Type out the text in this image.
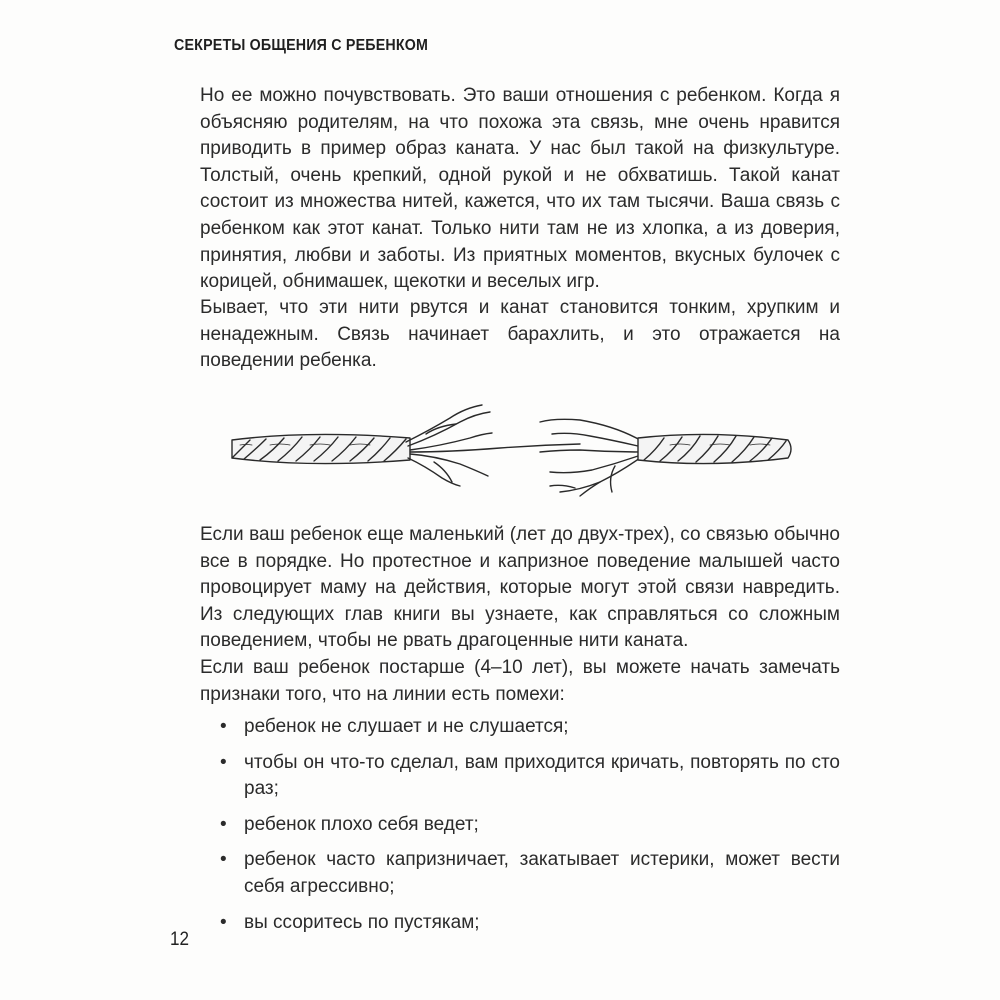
СЕКРЕТЫ ОБЩЕНИЯ С РЕБЕНКОМ

Но ее можно почувствовать. Это ваши отношения с ребенком. Когда я объясняю родителям, на что похожа эта связь, мне очень нравится приводить в пример образ каната. У нас был такой на физкультуре. Толстый, очень крепкий, одной рукой и не обхватишь. Такой канат состоит из множества нитей, кажется, что их там тысячи. Ваша связь с ребенком как этот канат. Только нити там не из хлопка, а из доверия, принятия, любви и заботы. Из приятных моментов, вкусных булочек с корицей, обнимашек, щекотки и веселых игр.

Бывает, что эти нити рвутся и канат становится тонким, хрупким и ненадежным. Связь начинает барахлить, и это отражается на поведении ребенка.

Если ваш ребенок еще маленький (лет до двух-трех), со связью обычно все в порядке. Но протестное и капризное поведение малышей часто провоцирует маму на действия, которые могут этой связи навредить. Из следующих глав книги вы узнаете, как справляться со сложным поведением, чтобы не рвать драгоценные нити каната.

Если ваш ребенок постарше (4–10 лет), вы можете начать замечать признаки того, что на линии есть помехи:

• ребенок не слушает и не слушается;
• чтобы он что-то сделал, вам приходится кричать, повторять по сто раз;
• ребенок плохо себя ведет;
• ребенок часто капризничает, закатывает истерики, может вести себя агрессивно;
• вы ссоритесь по пустякам;
12
